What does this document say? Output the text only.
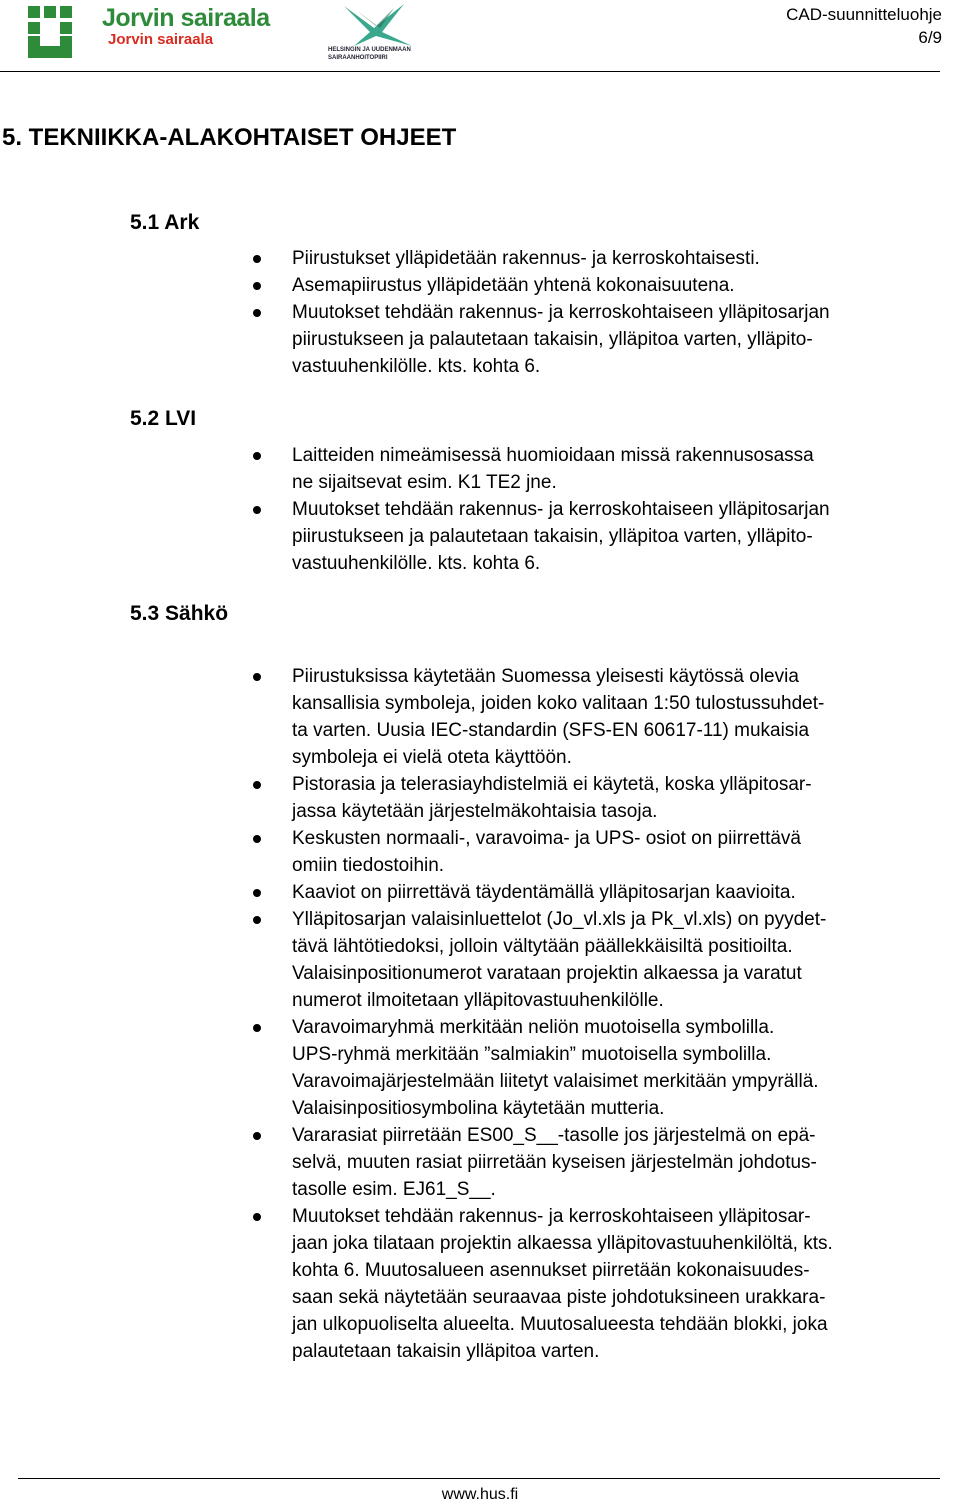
Jorvin sairaala
Jorvin sairaala
HELSINGIN JA UUDENMAAN SAIRAANHOITOPIIRI
CAD-suunnitteluohje
6/9
5. TEKNIIKKA-ALAKOHTAISET OHJEET
5.1 Ark
Piirustukset ylläpidetään rakennus- ja kerroskohtaisesti.
Asemapiirustus ylläpidetään yhtenä kokonaisuutena.
Muutokset tehdään rakennus- ja kerroskohtaiseen ylläpitosarjan
piirustukseen ja palautetaan takaisin, ylläpitoa varten, ylläpito-
vastuuhenkilölle. kts. kohta 6.
5.2 LVI
Laitteiden nimeämisessä huomioidaan missä rakennusosassa
ne sijaitsevat esim. K1 TE2 jne.
Muutokset tehdään rakennus- ja kerroskohtaiseen ylläpitosarjan
piirustukseen ja palautetaan takaisin, ylläpitoa varten, ylläpito-
vastuuhenkilölle. kts. kohta 6.
5.3 Sähkö
Piirustuksissa käytetään Suomessa yleisesti käytössä olevia
kansallisia symboleja, joiden koko valitaan 1:50 tulostussuhdet-
ta varten. Uusia IEC-standardin (SFS-EN 60617-11) mukaisia
symboleja ei vielä oteta käyttöön.
Pistorasia ja telerasiayhdistelmiä ei käytetä, koska ylläpitosar-
jassa käytetään järjestelmäkohtaisia tasoja.
Keskusten normaali-, varavoima- ja UPS- osiot on piirrettävä
omiin tiedostoihin.
Kaaviot on piirrettävä täydentämällä ylläpitosarjan kaavioita.
Ylläpitosarjan valaisinluettelot (Jo_vl.xls ja Pk_vl.xls) on pyydet-
tävä lähtötiedoksi, jolloin vältytään päällekkäisiltä positioilta.
Valaisinpositionumerot varataan projektin alkaessa ja varatut
numerot ilmoitetaan ylläpitovastuuhenkilölle.
Varavoimaryhmä merkitään neliön muotoisella symbolilla.
UPS-ryhmä merkitään ”salmiakin” muotoisella symbolilla.
Varavoimajärjestelmään liitetyt valaisimet merkitään ympyrällä.
Valaisinpositiosymbolina käytetään mutteria.
Vararasiat piirretään ES00_S__-tasolle jos järjestelmä on epä-
selvä, muuten rasiat piirretään kyseisen järjestelmän johdotus-
tasolle esim. EJ61_S__.
Muutokset tehdään rakennus- ja kerroskohtaiseen ylläpitosar-
jaan joka tilataan projektin alkaessa ylläpitovastuuhenkilöltä, kts.
kohta 6. Muutosalueen asennukset piirretään kokonaisuudes-
saan sekä näytetään seuraavaa piste johdotuksineen urakkara-
jan ulkopuoliselta alueelta. Muutosalueesta tehdään blokki, joka
palautetaan takaisin ylläpitoa varten.
www.hus.fi
